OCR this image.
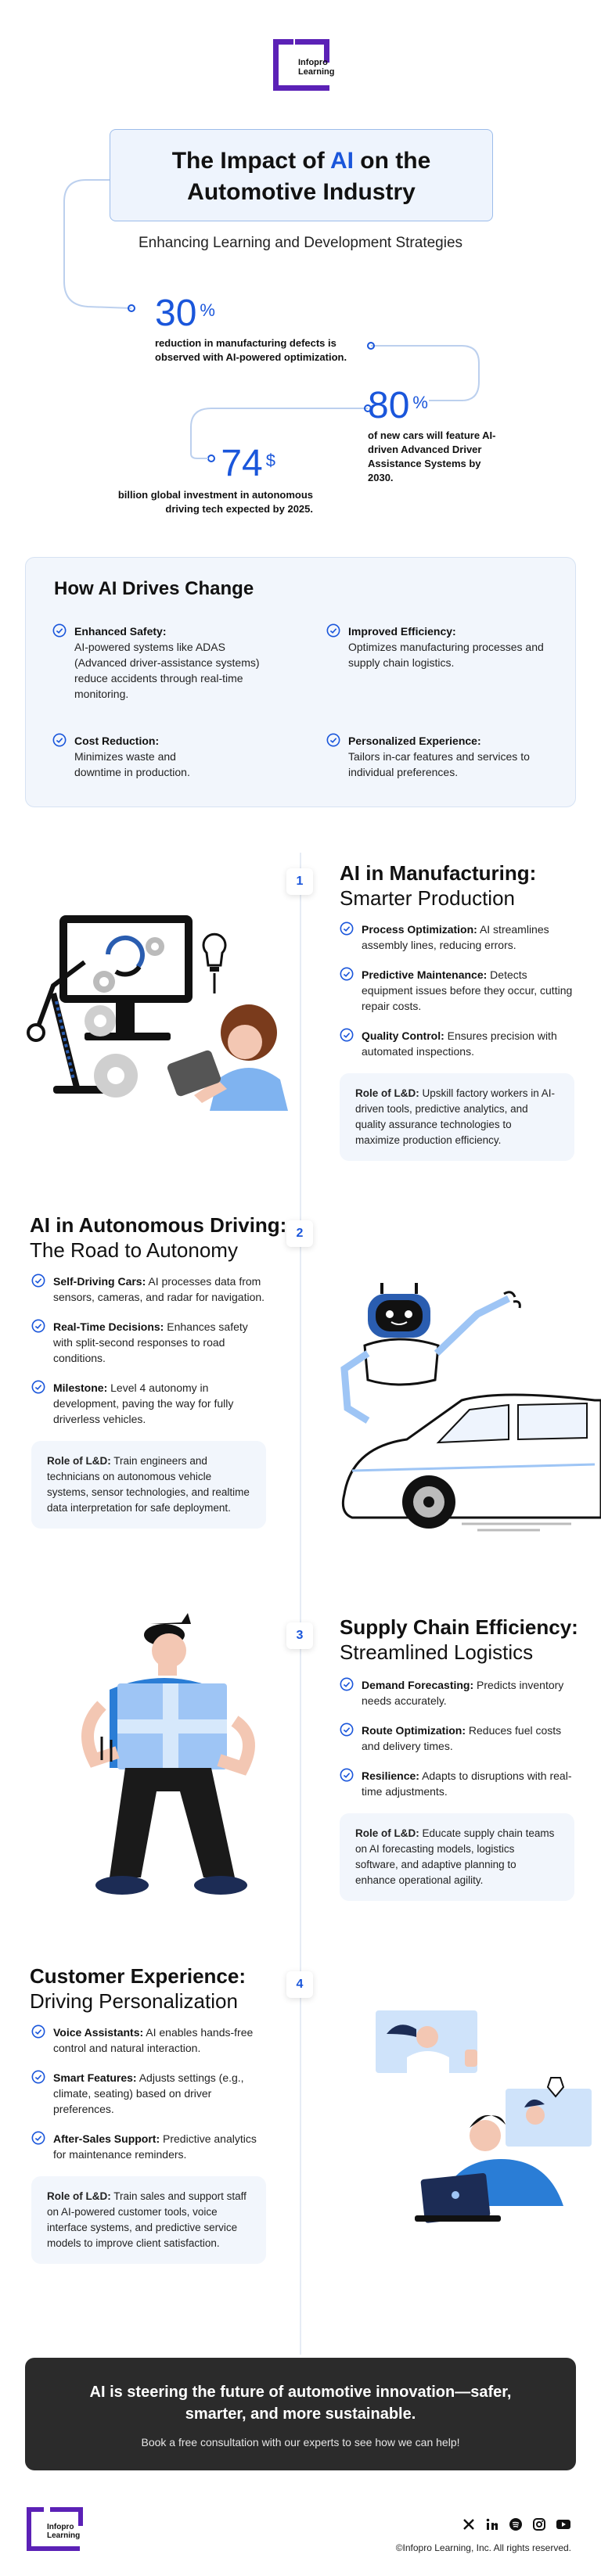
Infopro
Learning
The Impact of AI on the
Automotive Industry
Enhancing Learning and Development Strategies
30 %
reduction in manufacturing defects is observed with AI-powered optimization.
80 %
of new cars will feature AI-driven Advanced Driver Assistance Systems by 2030.
74 $
billion global investment in autonomous driving tech expected by 2025.
How AI Drives Change
Enhanced Safety:
AI-powered systems like ADAS (Advanced driver-assistance systems) reduce accidents through real-time monitoring.
Improved Efficiency:
Optimizes manufacturing processes and supply chain logistics.
Cost Reduction:
Minimizes waste and downtime in production.
Personalized Experience:
Tailors in-car features and services to individual preferences.
1	AI in Manufacturing:
Smarter Production
Process Optimization: AI streamlines assembly lines, reducing errors.
Predictive Maintenance: Detects equipment issues before they occur, cutting repair costs.
Quality Control: Ensures precision with automated inspections.
Role of L&D: Upskill factory workers in AI-driven tools, predictive analytics, and quality assurance technologies to maximize production efficiency.
2
AI in Autonomous Driving:
The Road to Autonomy
Self-Driving Cars: AI processes data from sensors, cameras, and radar for navigation.
Real-Time Decisions: Enhances safety with split-second responses to road conditions.
Milestone: Level 4 autonomy in development, paving the way for fully driverless vehicles.
Role of L&D: Train engineers and technicians on autonomous vehicle systems, sensor technologies, and realtime data interpretation for safe deployment.
3	Supply Chain Efficiency:
Streamlined Logistics
Demand Forecasting: Predicts inventory needs accurately.
Route Optimization: Reduces fuel costs and delivery times.
Resilience: Adapts to disruptions with real-time adjustments.
Role of L&D: Educate supply chain teams on AI forecasting models, logistics software, and adaptive planning to enhance operational agility.
4
Customer Experience:
Driving Personalization
Voice Assistants: AI enables hands-free control and natural interaction.
Smart Features: Adjusts settings (e.g., climate, seating) based on driver preferences.
After-Sales Support: Predictive analytics for maintenance reminders.
Role of L&D: Train sales and support staff on AI-powered customer tools, voice interface systems, and predictive service models to improve client satisfaction.
AI is steering the future of automotive innovation—safer, smarter, and more sustainable.
Book a free consultation with our experts to see how we can help!
Infopro
Learning
©Infopro Learning, Inc. All rights reserved.
